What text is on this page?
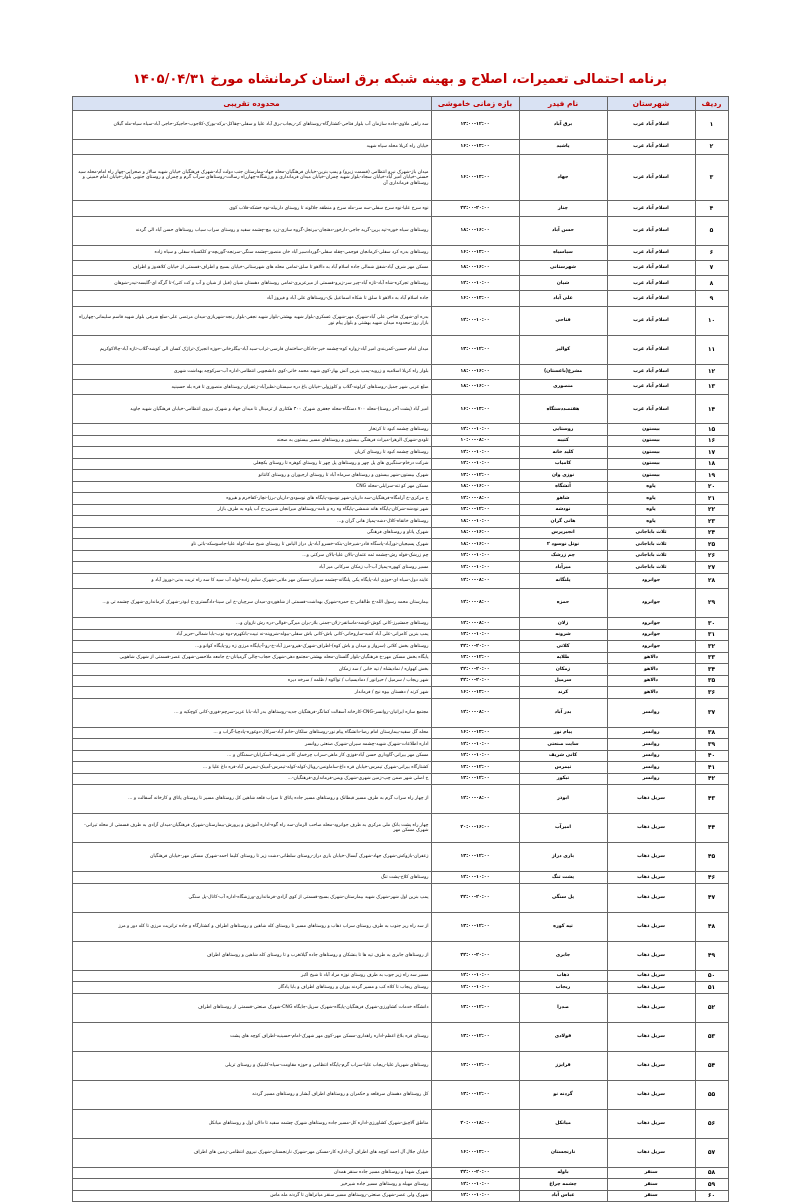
برنامه احتمالی تعمیرات، اصلاح و بهینه شبکه برق استان کرمانشاه مورخ ۱۴۰۵/۰۴/۳۱
ردیف	شهرستان	نام فیدر	بازه زمانی خاموشی	محدوده تقریبی
۱	اسلام آباد غرب	برق آباد	۱۴:۰۰-۱۲:۰۰	سه راهی ملاوی-جاده سازمان آب بلوار فتاحی-کشتارگاه-روستاهای کر-ریجاب-برق آباد علیا و سفلی-چقاکل-برکه-بورک-کلاجوب-حاجیکر-حاجی آباد-سیاه سیاه-مله گیلان
۲	اسلام آباد غرب	پاشید	۱۶:۰۰-۱۴:۰۰	خیابان راه کربلا محله سپاه شهید
۳	اسلام آباد غرب	جهاد	۱۶:۰۰-۱۴:۰۰	میدان باز-شهرک نیرو انتظامی (قسمت زیرو) و پمپ بنزین-خیابان فرهنگیان-محله جهاد-بیمارستان جنب دولت آباد-شهرک فرهنگیان خیابان شهید سالار و صحرایی-چهار راه امام-محله سید حسنی-خیابان امیر آباد-خیابان سجاد-بلوار شهید چمران-خیابان میدان فرمانداری و ورزشگاه-چهارراه رسالت-روستاهای سرآب گرم و چمران و روستای جنوبی بلوار-خیابان امام خمینی و روستاهای فرمانداری آن
۴	اسلام آباد غرب	چنار	۲۲:۰۰-۲۰:۰۰	نوه سرخ علیا-نوه سرخ سفلی-سه سر-مله سرخ و منطقه جلالوند تا روستای داربیله-نوه خشکه-قلاب کوی
۵	اسلام آباد غرب	حسن آباد	۱۸:۰۰-۱۶:۰۰	روستاهای سیاه خوره-تپه برین-گریه جاجی-دارخور-دهنجان-بیرنجل-گروه سازی-زرد بیچ-چشمه سفید و روستای سراب سیاب روستاهای حسن آباد الی گردنه
۶	اسلام آباد غرب	سیاسیاه	۱۶:۰۰-۱۴:۰۰	روستاهای بدره کرد سفلی-کرمانجان فوجمی-چقله سفلی-گوردادسیر آباد خان منصور-چشمه سنگی-سرنجه-گوربچه-و کلکسیاه سفلی و سیاه زاده
۷	اسلام آباد غرب	شهرستانی	۱۸:۰۰-۱۶:۰۰	مسکن مهر شرف آباد-شفق شمالی جاده اسلام آباد به دالاهو تا سلق-تمامی محله های شهرستانی-خیابان بسیج و اطراف-قسمتی از خیابان کلاهدوز و اطراف
۸	اسلام آباد غرب	شیان	۱۲:۰۰-۱۰:۰۰	روستاهای تجرکره-شاه آباد-تازه آباد-چیر سر-زیرو-قسمتی از میرعزیزی-تمامی روستاهای دهستان شیان (قبل از شیان و آب و کت کتی)-تا گرگه ای-گلبسه-نیدر-شوهان
۹	اسلام آباد غرب	علی آباد	۱۶:۰۰-۱۴:۰۰	جاده اسلام آباد به دالاهو تا سلق تا شکاه اسماعیل بک-روستاهای علی آباد و فیروز آباد
۱۰	اسلام آباد غرب	فتاحی	۱۲:۰۰-۱۰:۰۰	بدره ای-شهرک فتاحی علی آباد-شهرک مهر-شهرک عسکری-بلوار شهید بهشتی-بلوار شهید نجفی-بلوار رنجه-شهربازی-میدان مرتضی علی-ضلع شرقی بلوار شهید قاسم سلیمانی-چهارراه بازار روز-محدوده میدان شهید بهشتی و بلوار پیام نور
۱۱	اسلام آباد غرب	کوالیر	۱۴:۰۰-۱۲:۰۰	میدان امام حسین-کمربندی امیر آباد-زواره کوه-چشمه خیر-جادکان-ساختمان فارسی-تراب-سید آباد-بیگلرخانی-حوزه انجیرک-تراژک کسان الی کوشه-گلاب-تازه آباد-چالاکوکریم
۱۲	اسلام آباد غرب	مشرع(باغستان)	۱۸:۰۰-۱۶:۰۰	بلوار راه کربلا اسلامیه و زرویه-پمپ بنزین آتش بهار-کوی شهید محمد خانی-کوی دانشجویی انتظامی-اداره آب-سرکوچه بهداشت شهری
۱۳	اسلام آباد غرب	منصوری	۱۸:۰۰-۱۶:۰۰	ضلع غربی شهر جمیل-روستاهای کرلونه-گلاب و کلوزولی-خیابان باغ دره سیستان-نظیرآباد-زعفران-روستاهای منصوری تا قره بله حسینیه
۱۴	اسلام آباد غرب	هفتصددستگاه	۱۶:۰۰-۱۴:۰۰	امیر آباد (پشت آخر روستا)-محله ۷۰۰ دستگاه-محله جعفری شهرک ۳۰۰ هکتاری از ترمینال تا میدان جهاد و شهرک نیروی انتظامی-خیابان فرهنگیان شهید جاوید
۱۵	بیستون	روستایی	۱۲:۰۰-۱۰:۰۰	روستاهای چشمه کبود تا کرتخار
۱۶	بیستون	کتیبه	۱۰:۰۰-۰۸:۰۰	تلودی-شهرک الزهرا-میراث فرهنگی بیستون و روستاهای مسیر بیستون به صحنه
۱۷	بیستون	کلید خانه	۱۲:۰۰-۱۰:۰۰	روستاهای چشمه کبود تا روستای کریان
۱۸	بیستون	کامیاب	۱۲:۰۰-۱۰:۰۰	شرکت درخام-سنگبری های پل چهر و روستاهای پل چهر تا روستای کوهره تا روستای بکچغلی
۱۹	بیستون	نوزی وان	۱۴:۰۰-۱۲:۰۰	شهرک بیستون-شهر بیستون و روستاهای سرماه آباد تا روستای ارجیوران و روستای کانتانو
۲۰	پاوه	آتشگاه	۱۸:۰۰-۱۶:۰۰	مسکن مهر کو تنه-سرابلی-محله CNG
۲۱	پاوه	شاهو	۱۲:۰۰-۰۸:۰۰	خ مرکزی-خ آرامگاه-فرهنگیان-سه داریان-شهر نوسود-پایگاه های نوسودی-داریان-برزا-نچار-کفاخرم و هیروه
۲۲	پاوه	نودشه	۱۴:۰۰-۱۲:۰۰	شهر نودشه-شرکان-پایگاه هانه شمشی-پایگاه وه ره و نامه-روستاهای میرانجان شیرین-خ آب پاوه به طرف بازار
۲۳	پاوه	هانی گران	۱۸:۰۰-۱۰:۰۰	روستاهای خانقاه-کلال-دشه-پمپاژ هانی گران و...
۲۴	ثلاث باباجانی	انجیرپرس	۱۸:۰۰-۱۶:۰۰	شهرک پاتاو و روستاهای فرهنگی
۲۵	ثلاث باباجانی	نوتل نوسود ۲	۱۸:۰۰-۱۶:۰۰	شهرک پسیجیان-نورآباد-پاسگاه قادر-شیرخان-بنکه-خسرو آباد-پل دراز الیاس تا روستای شیخ صله-کوله علیا-جاسوسکه-باتی ناو
۲۶	ثلاث باباجانی	چم زرشک	۱۲:۰۰-۱۰:۰۰	چم زرشک-قوله رش-چشمه ثمه عثمان-بالان علیا-بالان سرکنی و...
۲۷	ثلاث باباجانی	میرآباد	۱۲:۰۰-۱۰:۰۰	مسیر روستای کهوره-پمپاژ آب-آب زمکان سرکانی میر آباد
۲۸	جوانرود	پلنگانه	۱۲:۰۰-۰۸:۰۰	عاینه دول-سیاه ای-حوزی اباد-پایگاه یکی پلنگانه-چشمه سیران-مسکن مهر ملابی-شهرک سلیم زاده-لوله آب سید کا سه راه تربت بدنی-نوروز آباد و
۲۹	جوانرود	حمزه	۱۲:۰۰-۰۸:۰۰	بیمارستان محمد رسول الله-خ طالقانی-خ حمزه-شهرک بهداشت-قسمتی از شاهوردی-میدان سرچیان-خ ابن سینا-دادگستری-خ ابوذر-شهرک کرمانداری-شهرک چشمه تی و...
۳۰	جوانرود	زلان	۱۲:۰۰-۰۸:۰۰	روستاهای جمشیرز-کانی کوش-کوشه-ماسانفر-زلان-جمنی بلار-بزان میرگی-قوالی-دره رش نازوان و...
۳۱	جوانرود	شرونه	۱۴:۰۰-۱۰:۰۰	پمپ بنزین کامرانی-علی آباد کمبه-ساروحانی-کانی باش-کانی باش سفلی-بیوله-شروینه-نه تیپت-بانکهرم-دوه نوب-بابا شمالی-حزیر آباد
۳۲	جوانرود	کلاتی	۲۲:۰۰-۲۰:۰۰	روستاهای بخش کلاتی (سرواز و میدان و باش کوه)-اطراف-شهرک-هیرو-مرز آباد-خ-رو-آ-پایگاه مرزی زه رو-پایگاه کوانو و...
۳۳	دالاهو	طلایه	۱۴:۰۰-۱۲:۰۰	پایگاه بخش مسکن مهر-خ فرهنگیان-بلوار گلستان-محله بهشتی-مجتمع دهی-شهرک حجاب-چالی گرمیانان-خ جامعه ملاحسن-شهرک عصر-قسمتی از شهرک شاهویی
۳۴	دالاهو	زمکان	۲۲:۰۰-۲۰:۰۰	بخش کهواره / نمادیشاه / تپه خانی / سد زمکان
۳۵	دالاهو	سرمیل	۲۲:۰۰-۲۰:۰۰	شهر ریجاب / سرمیل / حیرانور / دمادیسیاب / تواکوه / ظلمه / سرخه دیزه
۳۶	دالاهو	کرند	۱۶:۰۰-۱۴:۰۰	شهر کرند / دهستان بیوه نیج / فرماندار
۳۷	روانسر	بدر آباد	۱۲:۰۰-۰۸:۰۰	مجتمع سازه ایرانیان-روانسر-CNG-کارخانه آسفالت کمانگر-فرهنگیان جدید-روستاهای بدر آباد-بابا عزیز-سرچم-قوری-کانی کوچکیه و ...
۳۸	روانسر	پیام نور	۱۶:۰۰-۱۴:۰۰	محله گل سفید-بیمارستان امام رضا-دانشگاه پیام نور-روستاهای سلکان-خانم آباد-سرکال-دوغوره-پادچیا-گراب و ...
۳۹	روانسر	سایت صنعتی	۱۲:۰۰-۱۰:۰۰	اداره اطلاعات-شهرک شهید-چشمه سیران-شهرک صنعتی روانسر
۴۰	روانسر	کانی شریف	۱۲:۰۰-۱۰:۰۰	مسکن مهر بیرانی-گاوداری حسن آباد-فوزی کار ماهی-سراب چرخمان کانی شریف-آسکرابان-سمنگان و ...
۴۱	روانسر	تیمرس	۱۴:۰۰-۱۲:۰۰	کشتارگاه بیرانی-شهرک تیمرس-خیابان قره داغ-ساماونس-رویال-کوله-کوله-تیمرس-آمینک-تیمرس آباد-قره داغ علیا و ...
۴۲	روانسر	تیکور	۱۴:۰۰-۱۲:۰۰	خ اصلی شهر ضمن چپ-زمین شهری-شهرک ویس-فرمانداری-فرهنگیان-...
۴۳	سرپل ذهاب	ابوذر	۱۲:۰۰-۰۸:۰۰	از چهار راه سراب گرم به طرف مسیر قبطانک و روستاهای مسیر جاده پاتاق تا سراب قلعه شاهین کل روستاهای مسیر تا روستای پاتاق و کارخانه آسفالت و ...
۴۴	سرپل ذهاب	امیرآب	۲۰:۰۰-۱۶:۰۰	چهار راه پشت بانک ملی مرکزی به طرف جوانرود-محله صاحب الزمان-سه راه گوه-اداره آموزش و پرورش-بیمارستان-شهرک فرهنگیان-میدان آزادی به طرف قسمتی از محله تیرانی-شهرک مسکن مهر
۴۵	سرپل ذهاب	باری دراز	۱۴:۰۰-۱۲:۰۰	زعفران-بازوکش-شهرک جهاد-شهرک آبسال-خیابان باری دراز-روستای سلطانی-دشت زیر تا روستای کلیما احمد-شهرک مسکن مهر-خیابان فرهنگیان
۴۶	سرپل ذهاب	پشت تنگ	۱۲:۰۰-۱۰:۰۰	روستاهای کلاخ-پشت تنگ
۴۷	سرپل ذهاب	پل سنگی	۲۲:۰۰-۲۰:۰۰	پمپ بنزین اول شهر-شهرک شهید بیمارستان-شهرک بسیج-قسمتی از کوی آزادی-فرمانداری-ورزشگاه-اداره آب-کانال-پل سنگی
۴۸	سرپل ذهاب	تپه کوره	۱۴:۰۰-۱۲:۰۰	از سه راه ریز جنوب به طرف روستای سراب ذهاب و روستاهای مسیر تا روستای کله شاهین و روستاهای اطراف و کشتارگاه و جاده ترانزیت مرزی تا کله دور و مرز
۴۹	سرپل ذهاب	جابری	۲۲:۰۰-۲۰:۰۰	از روستاهای جابری به طرف تپه ها تا بنشکان و روستاهای جاده گیلانغرب و تا روستای کله شاهین و روستاهای اطراف
۵۰	سرپل ذهاب	ذهاب	۱۲:۰۰-۱۰:۰۰	مسیر سه راه زیر جوب به طرف روستای نوزه مراد آباد تا شیخ اکبر
۵۱	سرپل ذهاب	ریجاب	۱۲:۰۰-۱۰:۰۰	روستای ریجاب تا کلاه کب و مسیر گردنه بوران و روستاهای اطراف و بابا یادگار
۵۲	سرپل ذهاب	صدرا	۱۴:۰۰-۱۲:۰۰	دانشگاه خدمات کشاورزی-شهرک فرهنگیان-پایگاه-شهرک سرپل-جایگاه CNG-شهرک صنعتی-قسمتی از روستاهای اطراف
۵۳	سرپل ذهاب	فولادی	۱۴:۰۰-۱۲:۰۰	روستای قره بلاغ اعظم-اداره راهداری-مسکن مهر-کوی مهر شهرک-امام-حسینیه-اطراف کوچه های پشت
۵۴	سرپل ذهاب	قرایزز	۱۴:۰۰-۱۲:۰۰	روستاهای شهریار علیا-ریجاب علیا-سراب گرم-پایگاه انتظامی و حوزه مقاومت-سپاه-کلینیک و روستای تزیلی
۵۵	سرپل ذهاب	گردنه نو	۱۴:۰۰-۱۲:۰۰	کل روستاهای دهستان سرقلعه و حکمران و روستاهای اطراف آبشار و روستاهای مسیر گردنه
۵۶	سرپل ذهاب	میانکل	۲۰:۰۰-۱۸:۰۰	مناطق آلاچیق-شهرک کشاورزی-اداره کل-مسیر جاده روستاهای شهرک چشمه سفید تا دالان اول و روستاهای میانکل
۵۷	سرپل ذهاب	نارنجستان	۱۶:۰۰-۱۴:۰۰	خیابان جلال آل احمد کوچه های اطراف آن-اداره کار-مسکن مهر-شهرک نارنجستان-شهرک نیروی انتظامی-زمین های اطراف
۵۸	سنقر	باوله	۲۲:۰۰-۲۰:۰۰	شهرک شهدا و روستاهای مسیر جاده سنقر همدان
۵۹	سنقر	چشمه چراغ	۱۲:۰۰-۱۰:۰۰	روستای مهیله و روستاهای مسیر جاده شیرخیز
۶۰	سنقر	عباس آباد	۱۲:۰۰-۱۰:۰۰	شهرک ولی عصر-شهرک صنعتی-روستاهای مسیر سنقر میانراهان تا گردنه مله ماس
